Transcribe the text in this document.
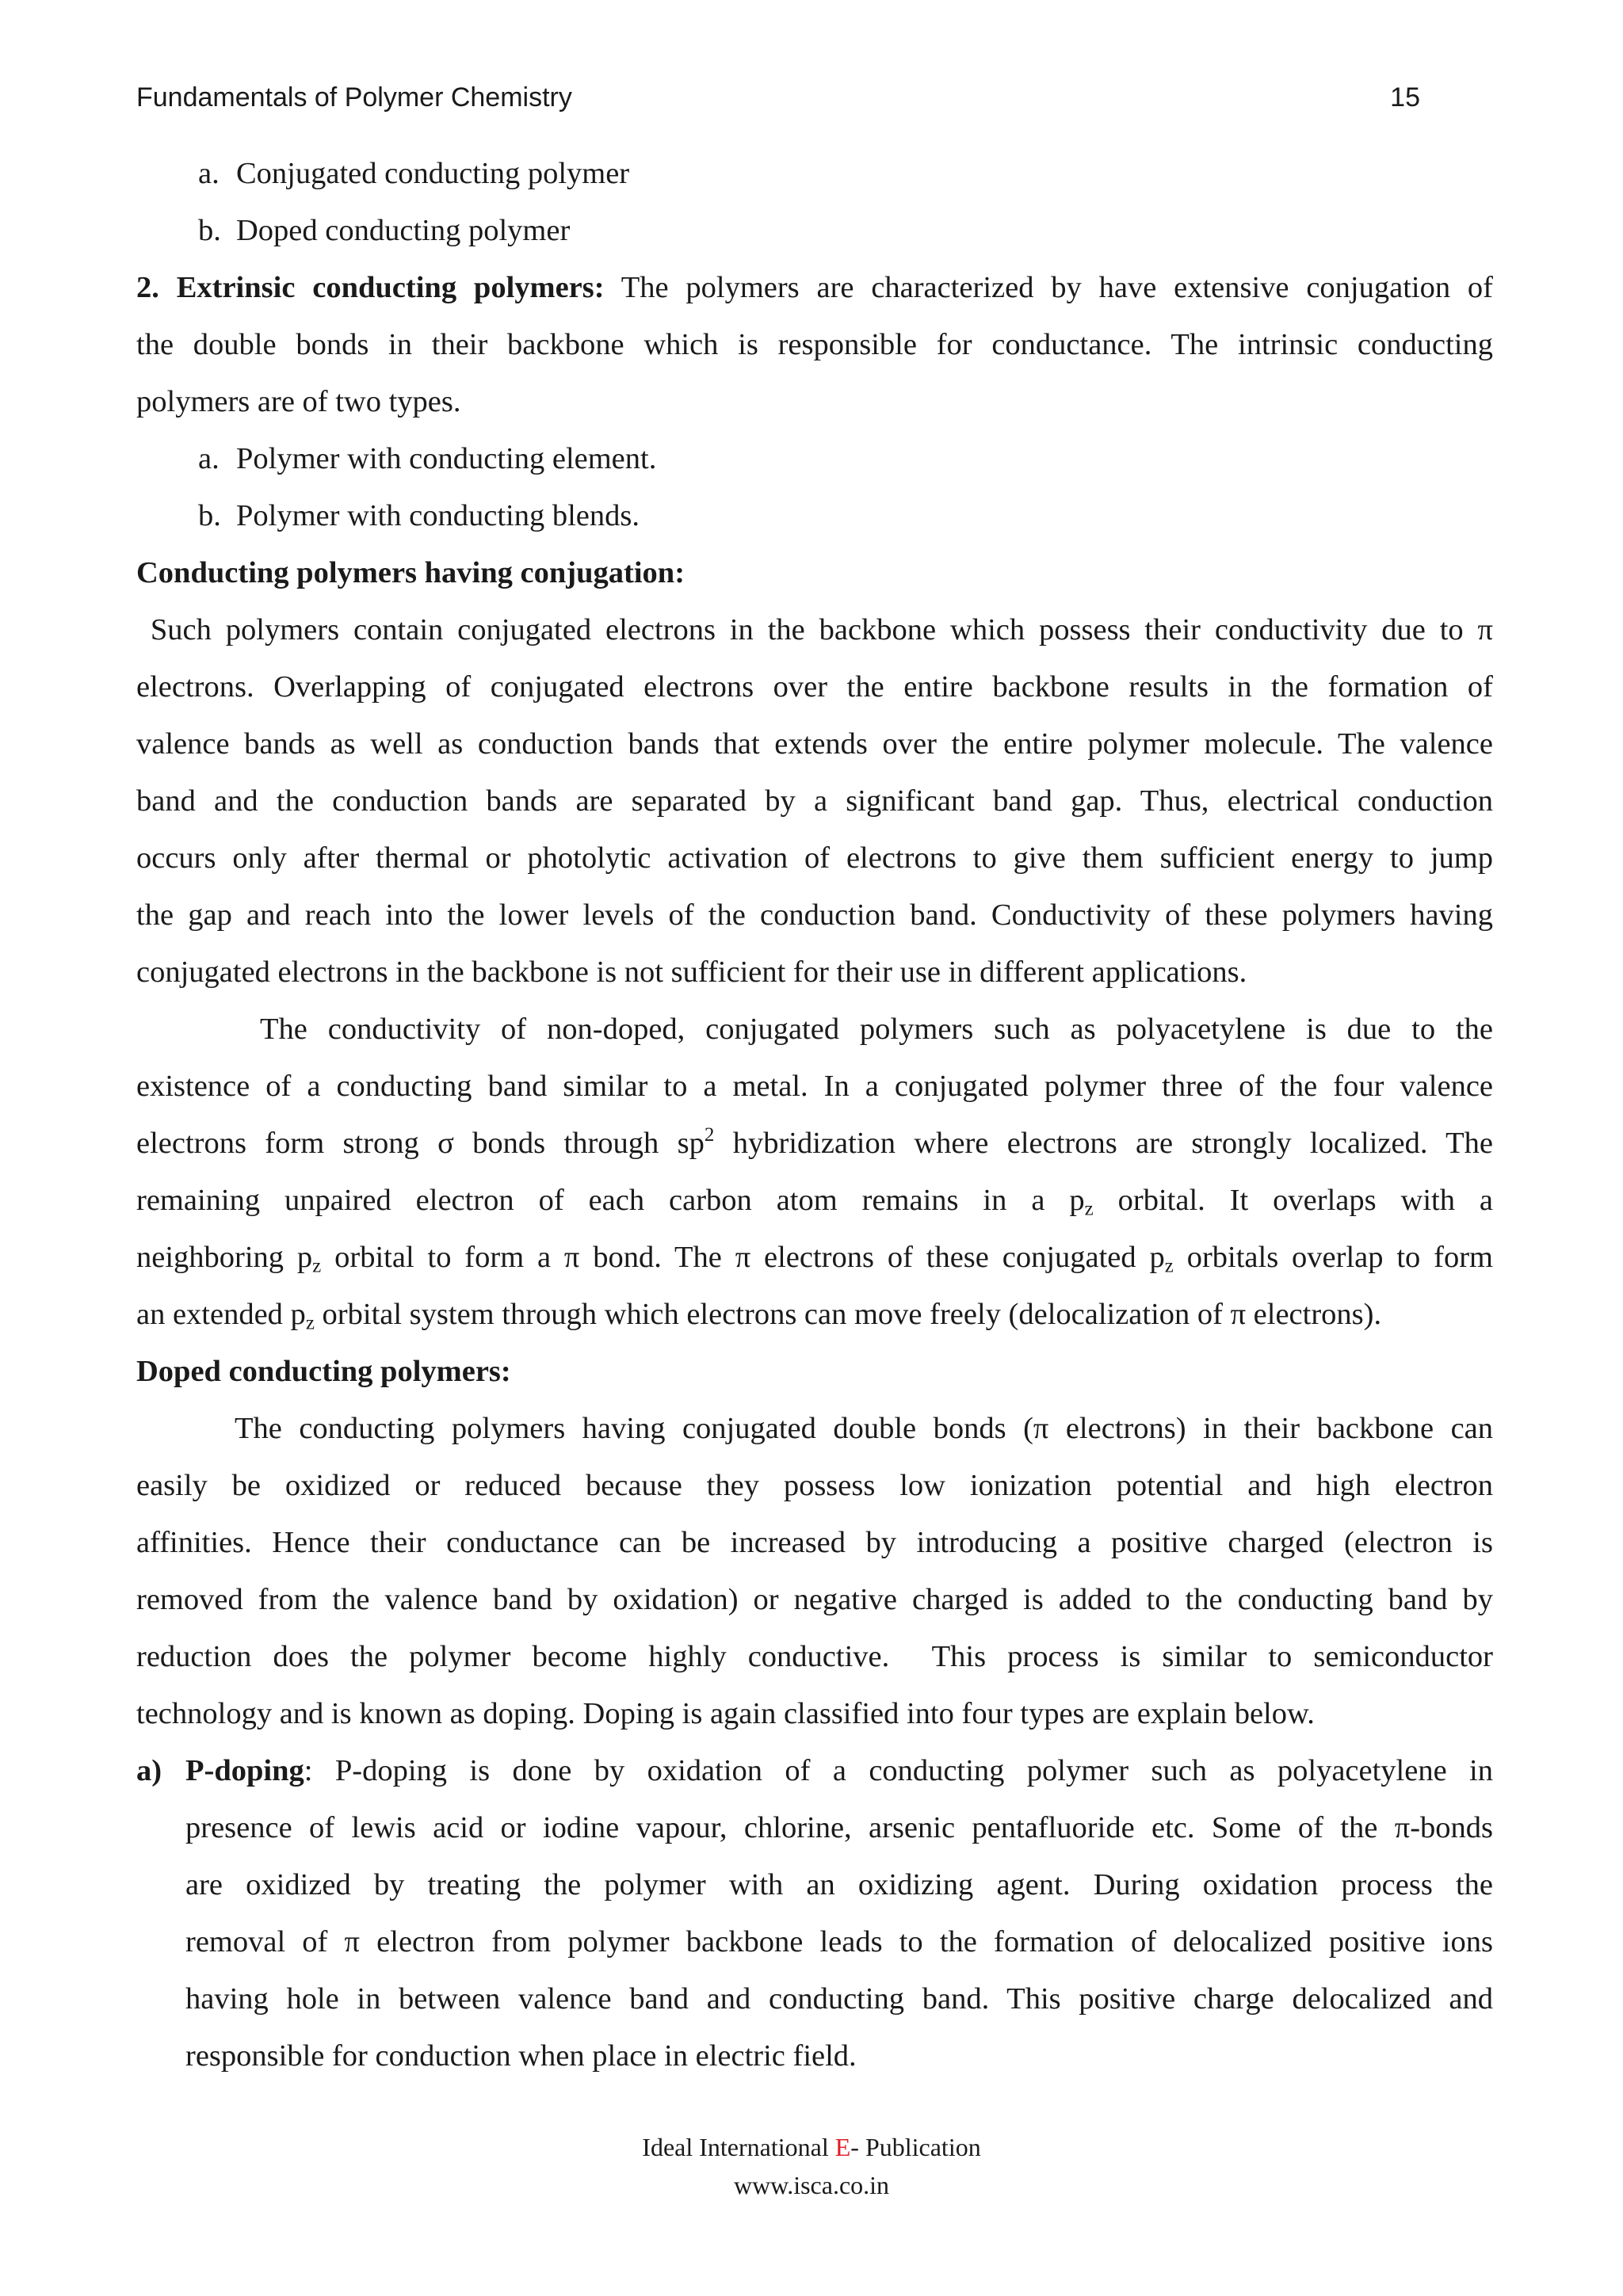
Fundamentals of Polymer Chemistry	15
a. Conjugated conducting polymer
b. Doped conducting polymer
2. Extrinsic conducting polymers: The polymers are characterized by have extensive conjugation of
the double bonds in their backbone which is responsible for conductance. The intrinsic conducting
polymers are of two types.
a. Polymer with conducting element.
b. Polymer with conducting blends.
Conducting polymers having conjugation:
Such polymers contain conjugated electrons in the backbone which possess their conductivity due to π
electrons. Overlapping of conjugated electrons over the entire backbone results in the formation of
valence bands as well as conduction bands that extends over the entire polymer molecule. The valence
band and the conduction bands are separated by a significant band gap. Thus, electrical conduction
occurs only after thermal or photolytic activation of electrons to give them sufficient energy to jump
the gap and reach into the lower levels of the conduction band. Conductivity of these polymers having
conjugated electrons in the backbone is not sufficient for their use in different applications.
The conductivity of non-doped, conjugated polymers such as polyacetylene is due to the
existence of a conducting band similar to a metal. In a conjugated polymer three of the four valence
electrons form strong σ bonds through $sp^2$ hybridization where electrons are strongly localized. The
remaining unpaired electron of each carbon atom remains in a $p_z$ orbital. It overlaps with a
neighboring $p_z$ orbital to form a π bond. The π electrons of these conjugated $p_z$ orbitals overlap to form
an extended $p_z$ orbital system through which electrons can move freely (delocalization of π electrons).
Doped conducting polymers:
The conducting polymers having conjugated double bonds (π electrons) in their backbone can
easily be oxidized or reduced because they possess low ionization potential and high electron
affinities. Hence their conductance can be increased by introducing a positive charged (electron is
removed from the valence band by oxidation) or negative charged is added to the conducting band by
reduction does the polymer become highly conductive.  This process is similar to semiconductor
technology and is known as doping. Doping is again classified into four types are explain below.
a) P-doping: P-doping is done by oxidation of a conducting polymer such as polyacetylene in
presence of lewis acid or iodine vapour, chlorine, arsenic pentafluoride etc. Some of the π-bonds
are oxidized by treating the polymer with an oxidizing agent. During oxidation process the
removal of π electron from polymer backbone leads to the formation of delocalized positive ions
having hole in between valence band and conducting band. This positive charge delocalized and
responsible for conduction when place in electric field.
Ideal International E- Publication
www.isca.co.in
